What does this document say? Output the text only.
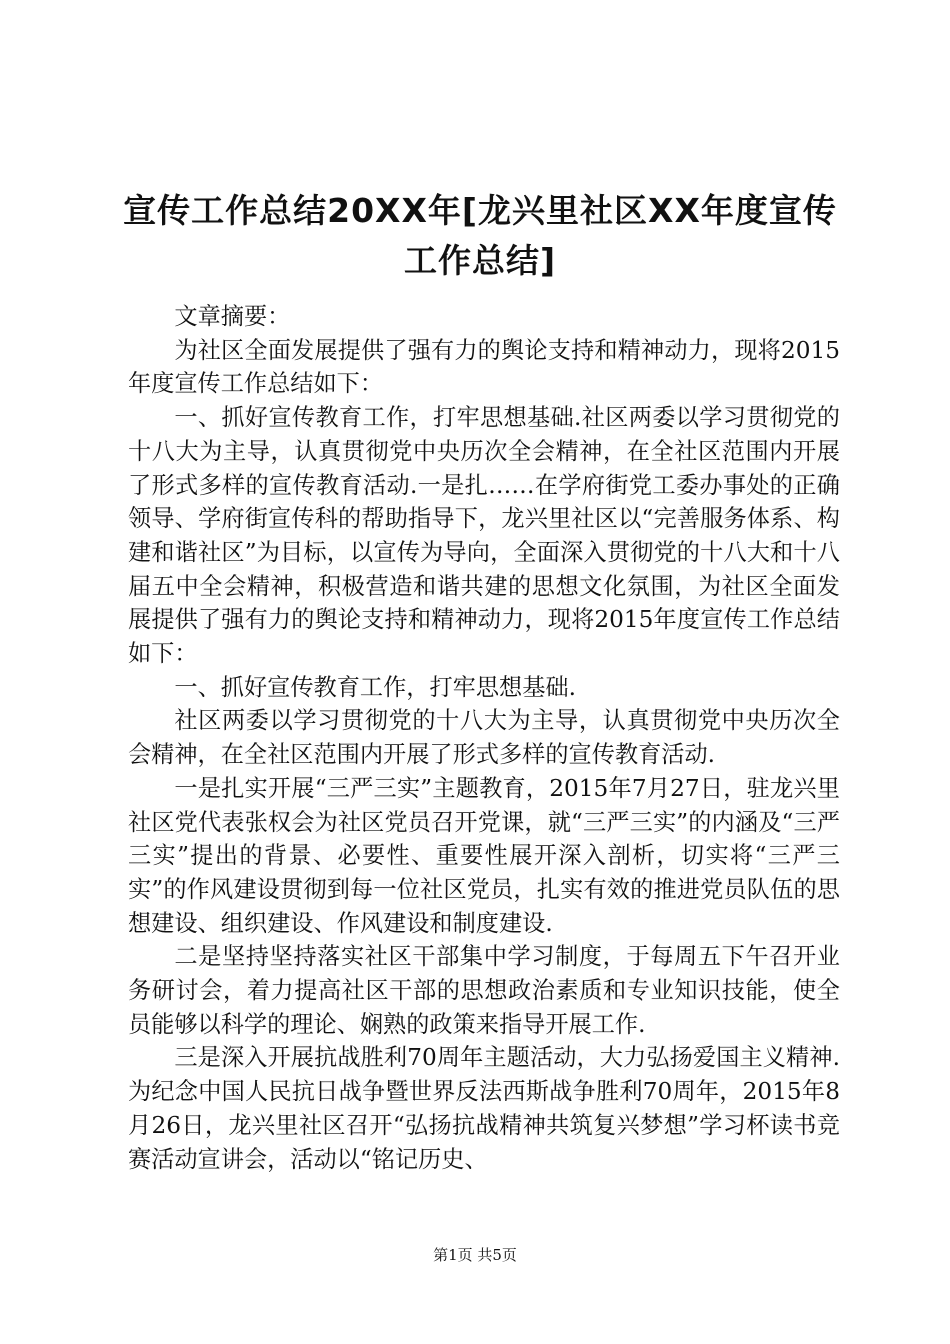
宣传工作总结20XX年[龙兴里社区XX年度宣传工作总结]

文章摘要：

为社区全面发展提供了强有力的舆论支持和精神动力，现将2015年度宣传工作总结如下：

一、抓好宣传教育工作，打牢思想基础.社区两委以学习贯彻党的十八大为主导，认真贯彻党中央历次全会精神，在全社区范围内开展了形式多样的宣传教育活动.一是扎……在学府街党工委办事处的正确领导、学府街宣传科的帮助指导下，龙兴里社区以“完善服务体系、构建和谐社区”为目标，以宣传为导向，全面深入贯彻党的十八大和十八届五中全会精神，积极营造和谐共建的思想文化氛围，为社区全面发展提供了强有力的舆论支持和精神动力，现将2015年度宣传工作总结如下：

一、抓好宣传教育工作，打牢思想基础.

社区两委以学习贯彻党的十八大为主导，认真贯彻党中央历次全会精神，在全社区范围内开展了形式多样的宣传教育活动.

一是扎实开展“三严三实”主题教育，2015年7月27日，驻龙兴里社区党代表张权会为社区党员召开党课，就“三严三实”的内涵及“三严三实”提出的背景、必要性、重要性展开深入剖析，切实将“三严三实”的作风建设贯彻到每一位社区党员，扎实有效的推进党员队伍的思想建设、组织建设、作风建设和制度建设.

二是坚持坚持落实社区干部集中学习制度，于每周五下午召开业务研讨会，着力提高社区干部的思想政治素质和专业知识技能，使全员能够以科学的理论、娴熟的政策来指导开展工作.

三是深入开展抗战胜利70周年主题活动，大力弘扬爱国主义精神.为纪念中国人民抗日战争暨世界反法西斯战争胜利70周年，2015年8月26日，龙兴里社区召开“弘扬抗战精神共筑复兴梦想”学习杯读书竞赛活动宣讲会，活动以“铭记历史、

第1页 共5页
